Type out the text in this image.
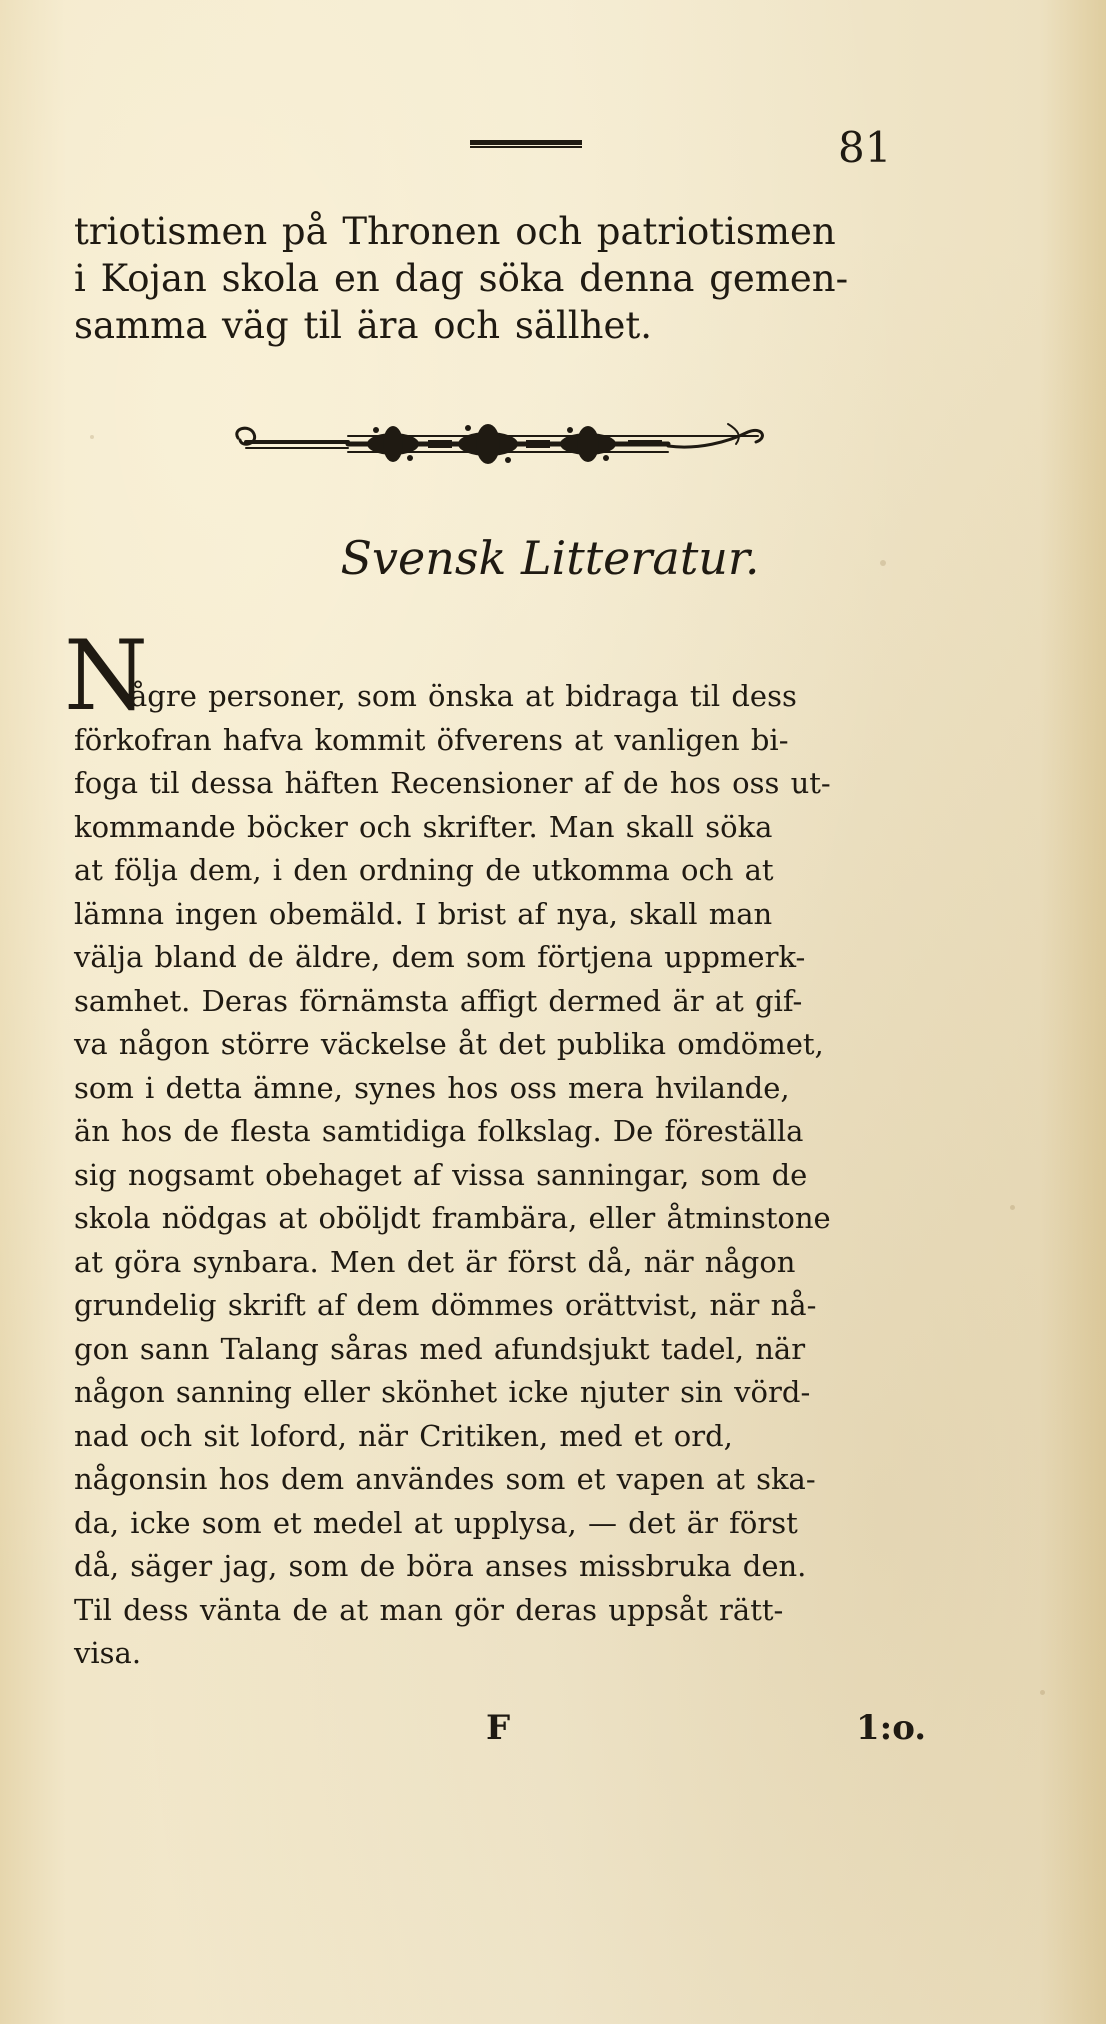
81
triotismen på Thronen och patriotismen
i Kojan skola en dag söka denna gemen-
samma väg til ära och sällhet.
Svensk Litteratur.
N
ågre personer, som önska at bidraga til dess
förkofran hafva kommit öfverens at vanligen bi-
foga til dessa häften Recensioner af de hos oss ut-
kommande böcker och skrifter. Man skall söka
at följa dem, i den ordning de utkomma och at
lämna ingen obemäld. I brist af nya, skall man
välja bland de äldre, dem som förtjena uppmerk-
samhet. Deras förnämsta affigt dermed är at gif-
va någon större väckelse åt det publika omdömet,
som i detta ämne, synes hos oss mera hvilande,
än hos de flesta samtidiga folkslag. De föreställa
sig nogsamt obehaget af vissa sanningar, som de
skola nödgas at oböljdt frambära, eller åtminstone
at göra synbara. Men det är först då, när någon
grundelig skrift af dem dömmes orättvist, när nå-
gon sann Talang såras med afundsjukt tadel, när
någon sanning eller skönhet icke njuter sin vörd-
nad och sit loford, när Critiken, med et ord,
någonsin hos dem användes som et vapen at ska-
da, icke som et medel at upplysa, — det är först
då, säger jag, som de böra anses missbruka den.
Til dess vänta de at man gör deras uppsåt rätt-
visa.
F	1:o.
